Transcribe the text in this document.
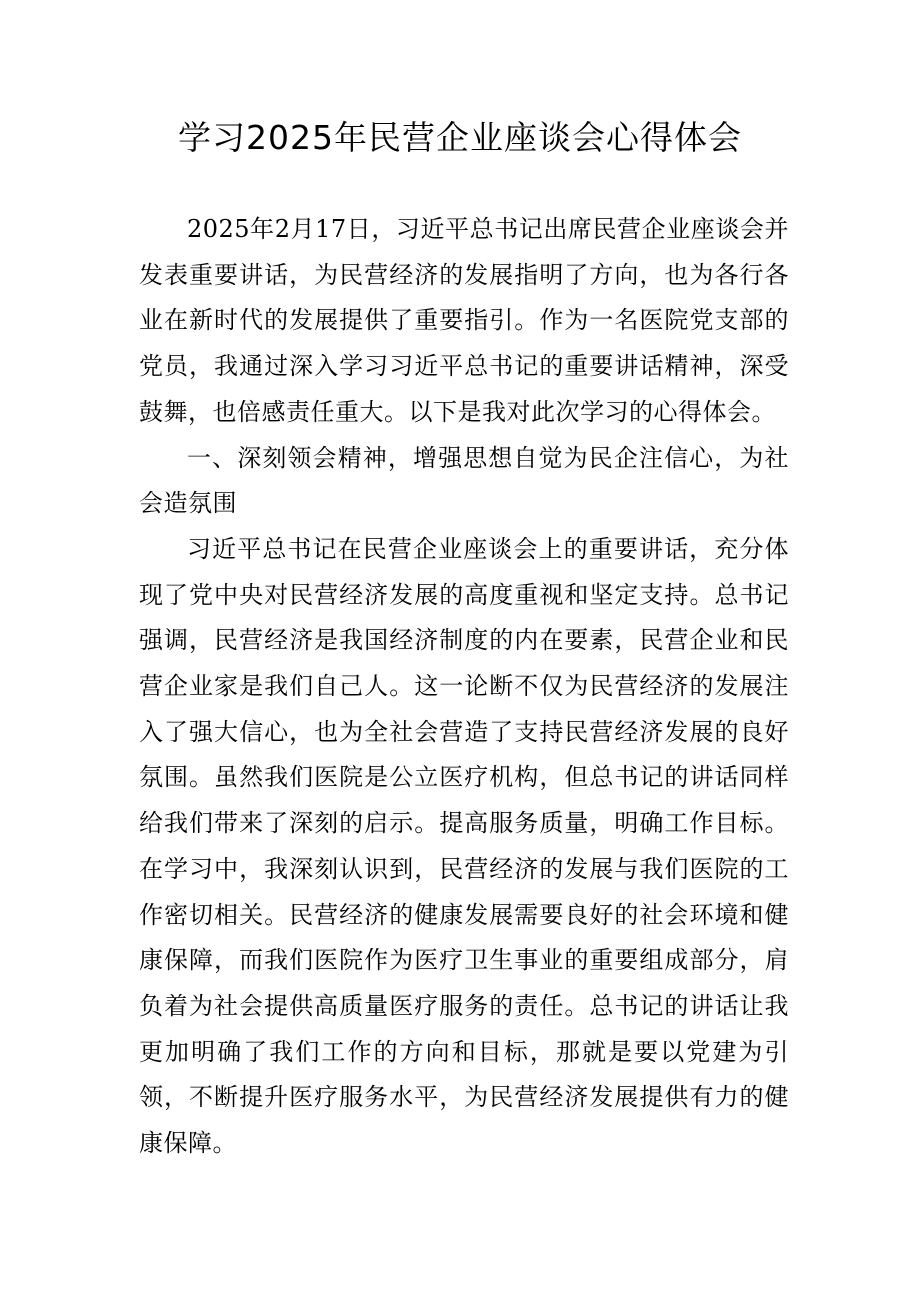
学习2025年民营企业座谈会心得体会

2025年2月17日，习近平总书记出席民营企业座谈会并发表重要讲话，为民营经济的发展指明了方向，也为各行各业在新时代的发展提供了重要指引。作为一名医院党支部的党员，我通过深入学习习近平总书记的重要讲话精神，深受鼓舞，也倍感责任重大。以下是我对此次学习的心得体会。

一、深刻领会精神，增强思想自觉为民企注信心，为社会造氛围

习近平总书记在民营企业座谈会上的重要讲话，充分体现了党中央对民营经济发展的高度重视和坚定支持。总书记强调，民营经济是我国经济制度的内在要素，民营企业和民营企业家是我们自己人。这一论断不仅为民营经济的发展注入了强大信心，也为全社会营造了支持民营经济发展的良好氛围。虽然我们医院是公立医疗机构，但总书记的讲话同样给我们带来了深刻的启示。提高服务质量，明确工作目标。在学习中，我深刻认识到，民营经济的发展与我们医院的工作密切相关。民营经济的健康发展需要良好的社会环境和健康保障，而我们医院作为医疗卫生事业的重要组成部分，肩负着为社会提供高质量医疗服务的责任。总书记的讲话让我更加明确了我们工作的方向和目标，那就是要以党建为引领，不断提升医疗服务水平，为民营经济发展提供有力的健康保障。
